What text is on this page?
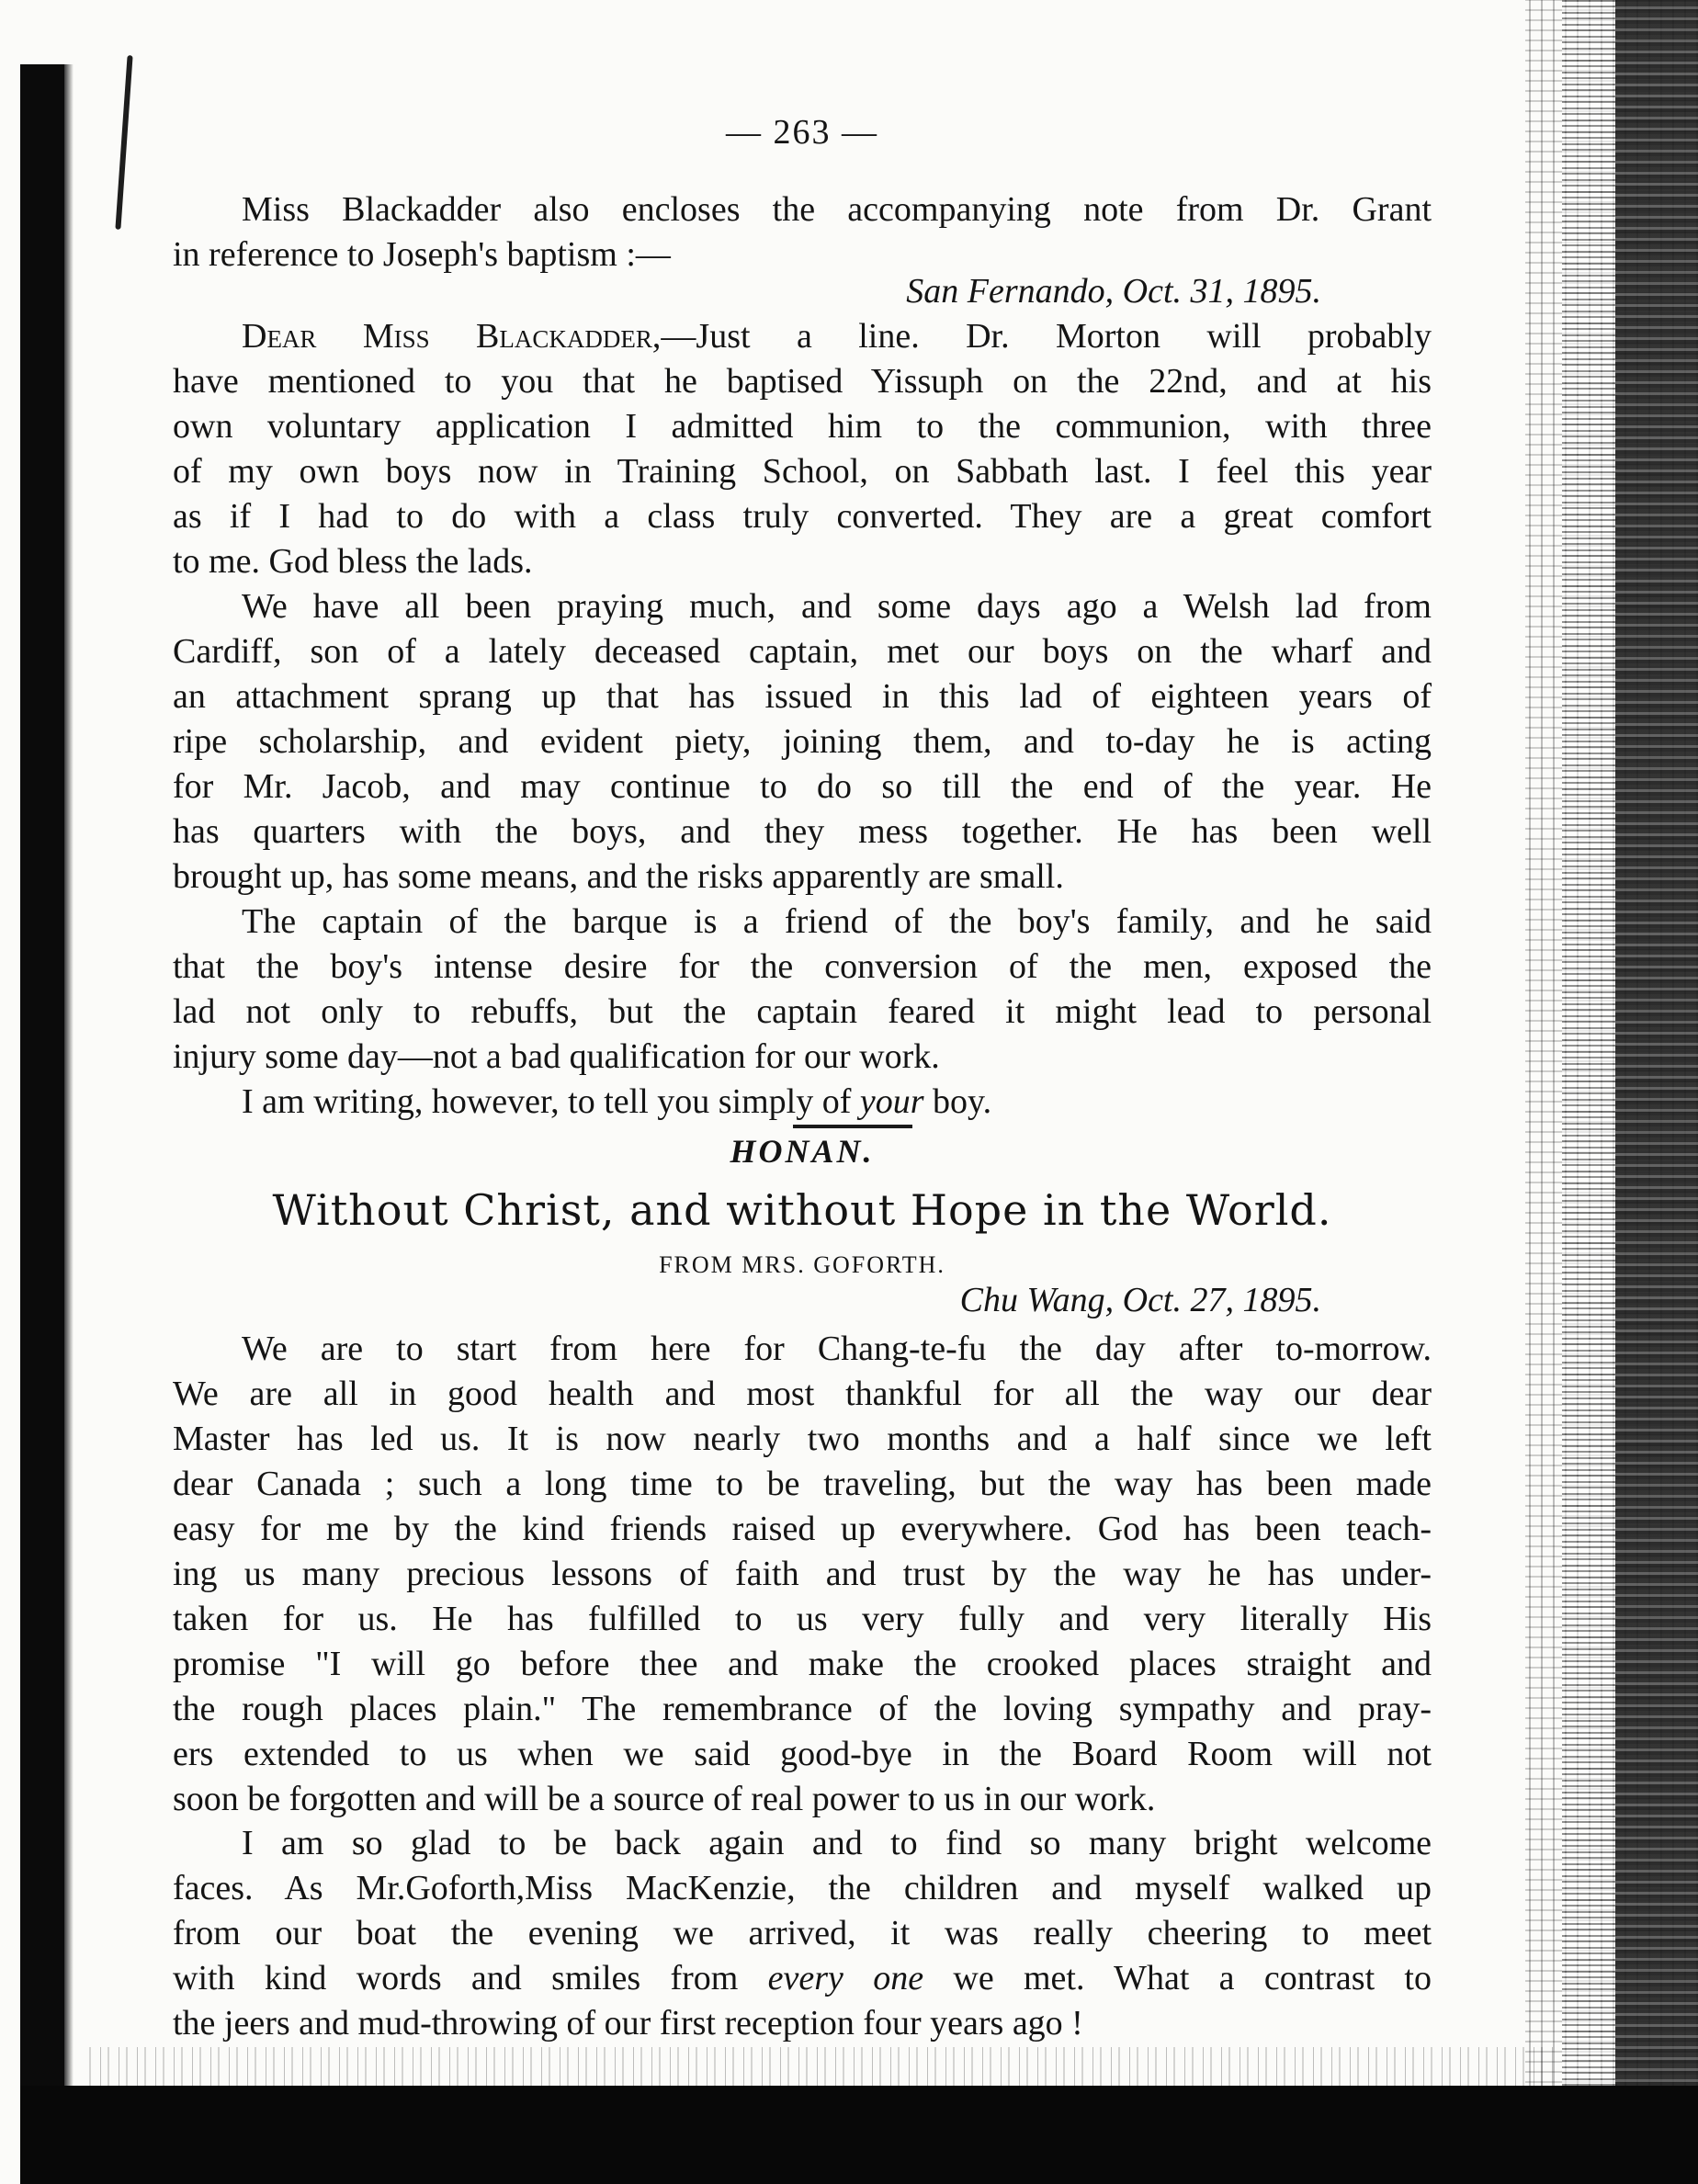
— 263 —
Miss Blackadder also encloses the accompanying note from Dr. Grant
in reference to Joseph's baptism :—
San Fernando, Oct. 31, 1895.
Dear Miss Blackadder,—Just a line. Dr. Morton will probably
have mentioned to you that he baptised Yissuph on the 22nd, and at his
own voluntary application I admitted him to the communion, with three
of my own boys now in Training School, on Sabbath last. I feel this year
as if I had to do with a class truly converted. They are a great comfort
to me. God bless the lads.
We have all been praying much, and some days ago a Welsh lad from
Cardiff, son of a lately deceased captain, met our boys on the wharf and
an attachment sprang up that has issued in this lad of eighteen years of
ripe scholarship, and evident piety, joining them, and to-day he is acting
for Mr. Jacob, and may continue to do so till the end of the year. He
has quarters with the boys, and they mess together. He has been well
brought up, has some means, and the risks apparently are small.
The captain of the barque is a friend of the boy's family, and he said
that the boy's intense desire for the conversion of the men, exposed the
lad not only to rebuffs, but the captain feared it might lead to personal
injury some day—not a bad qualification for our work.
I am writing, however, to tell you simply of your boy.
HONAN.
Without Christ, and without Hope in the World.
FROM MRS. GOFORTH.
Chu Wang, Oct. 27, 1895.
We are to start from here for Chang-te-fu the day after to-morrow.
We are all in good health and most thankful for all the way our dear
Master has led us. It is now nearly two months and a half since we left
dear Canada ; such a long time to be traveling, but the way has been made
easy for me by the kind friends raised up everywhere. God has been teach-
ing us many precious lessons of faith and trust by the way he has under-
taken for us. He has fulfilled to us very fully and very literally His
promise "I will go before thee and make the crooked places straight and
the rough places plain." The remembrance of the loving sympathy and pray-
ers extended to us when we said good-bye in the Board Room will not
soon be forgotten and will be a source of real power to us in our work.
I am so glad to be back again and to find so many bright welcome
faces. As Mr.Goforth,Miss MacKenzie, the children and myself walked up
from our boat the evening we arrived, it was really cheering to meet
with kind words and smiles from every one we met. What a contrast to
the jeers and mud-throwing of our first reception four years ago !
